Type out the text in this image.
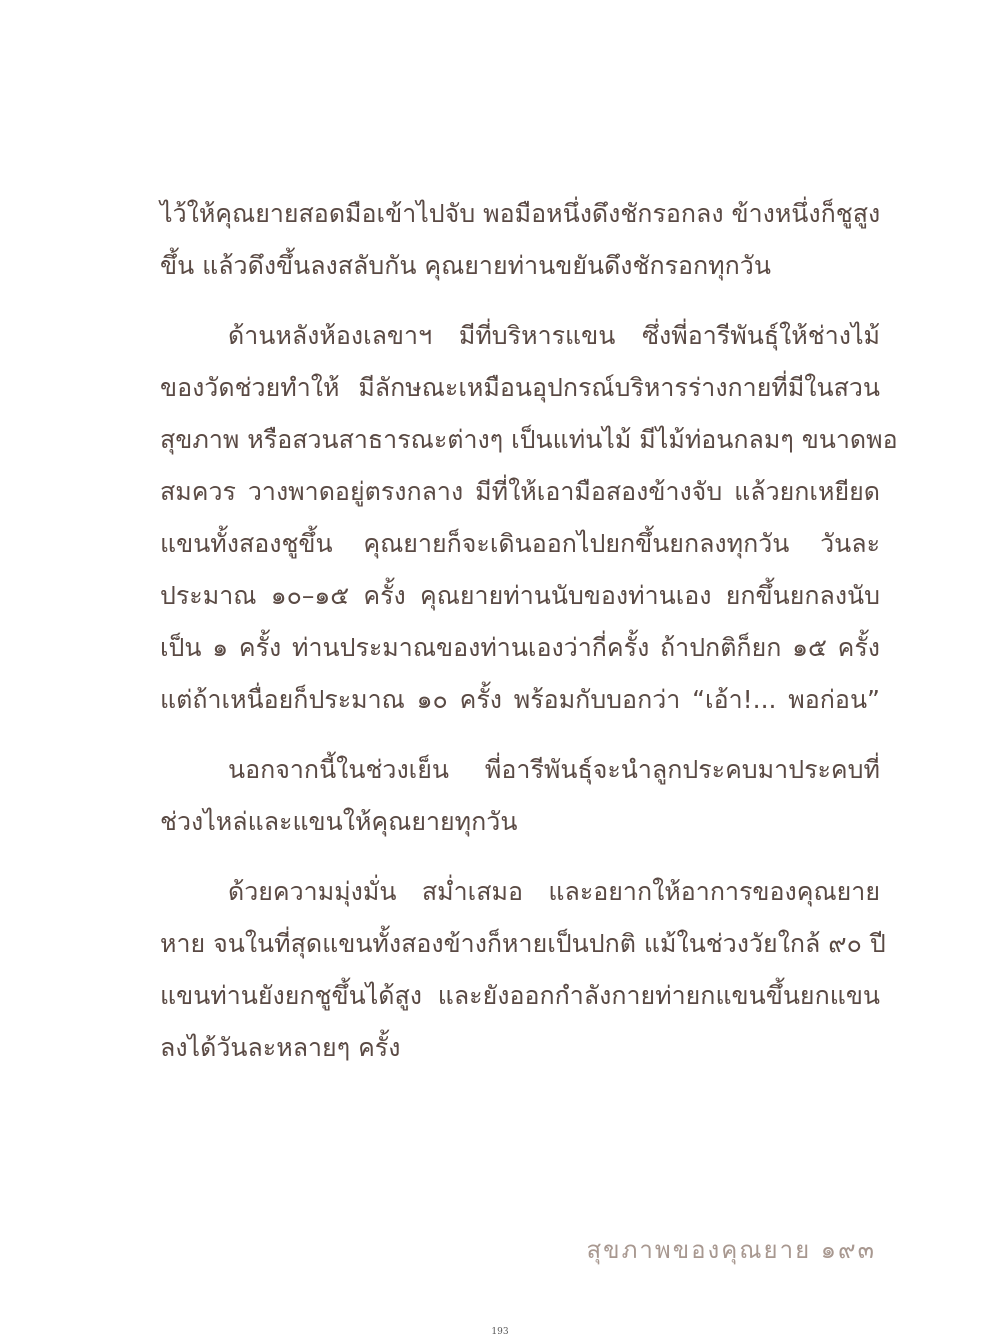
ไว้ให้คุณยายสอดมือเข้าไปจับ พอมือหนึ่งดึงชักรอกลง ข้างหนึ่งก็ชูสูง
ขึ้น แล้วดึงขึ้นลงสลับกัน คุณยายท่านขยันดึงชักรอกทุกวัน
ด้านหลังห้องเลขาฯ มีที่บริหารแขน ซึ่งพี่อารีพันธุ์ให้ช่างไม้
ของวัดช่วยทำให้ มีลักษณะเหมือนอุปกรณ์บริหารร่างกายที่มีในสวน
สุขภาพ หรือสวนสาธารณะต่างๆ เป็นแท่นไม้ มีไม้ท่อนกลมๆ ขนาดพอ
สมควร วางพาดอยู่ตรงกลาง มีที่ให้เอามือสองข้างจับ แล้วยกเหยียด
แขนทั้งสองชูขึ้น คุณยายก็จะเดินออกไปยกขึ้นยกลงทุกวัน วันละ
ประมาณ ๑๐–๑๕ ครั้ง คุณยายท่านนับของท่านเอง ยกขึ้นยกลงนับ
เป็น ๑ ครั้ง ท่านประมาณของท่านเองว่ากี่ครั้ง ถ้าปกติก็ยก ๑๕ ครั้ง
แต่ถ้าเหนื่อยก็ประมาณ ๑๐ ครั้ง พร้อมกับบอกว่า “เอ้า!... พอก่อน”
นอกจากนี้ในช่วงเย็น พี่อารีพันธุ์จะนำลูกประคบมาประคบที่
ช่วงไหล่และแขนให้คุณยายทุกวัน
ด้วยความมุ่งมั่น สม่ำเสมอ และอยากให้อาการของคุณยาย
หาย จนในที่สุดแขนทั้งสองข้างก็หายเป็นปกติ แม้ในช่วงวัยใกล้ ๙๐ ปี
แขนท่านยังยกชูขึ้นได้สูง และยังออกกำลังกายท่ายกแขนขึ้นยกแขน
ลงได้วันละหลายๆ ครั้ง
สุขภาพของคุณยาย ๑๙๓
193
